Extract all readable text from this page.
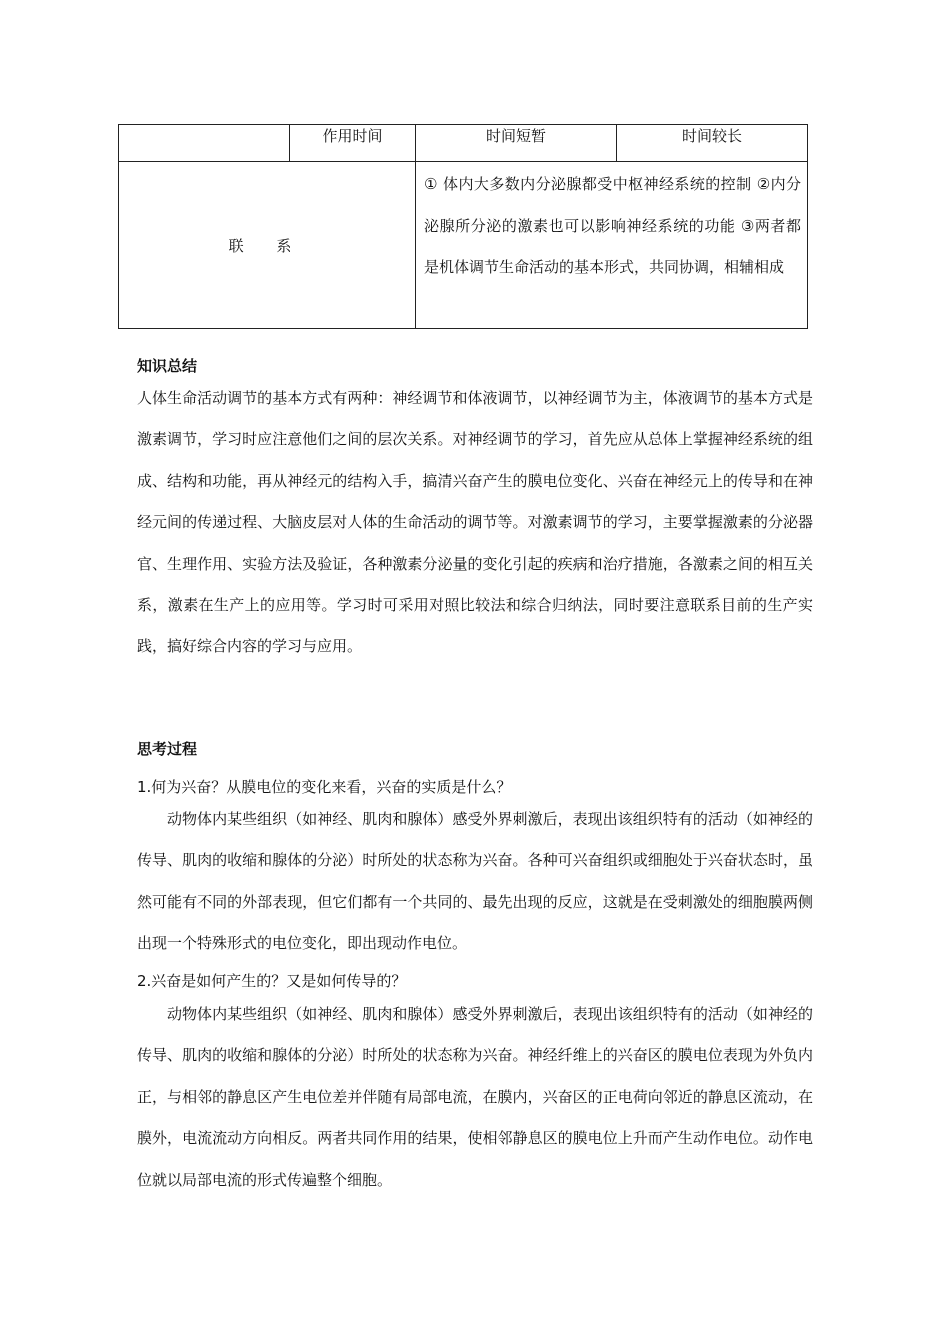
	作用时间	时间短暂	时间较长
联 系		① 体内大多数内分泌腺都受中枢神经系统的控制 ②内分泌腺所分泌的激素也可以影响神经系统的功能 ③两者都是机体调节生命活动的基本形式，共同协调，相辅相成	

知识总结

人体生命活动调节的基本方式有两种：神经调节和体液调节，以神经调节为主，体液调节的基本方式是激素调节，学习时应注意他们之间的层次关系。对神经调节的学习，首先应从总体上掌握神经系统的组成、结构和功能，再从神经元的结构入手，搞清兴奋产生的膜电位变化、兴奋在神经元上的传导和在神经元间的传递过程、大脑皮层对人体的生命活动的调节等。对激素调节的学习，主要掌握激素的分泌器官、生理作用、实验方法及验证，各种激素分泌量的变化引起的疾病和治疗措施，各激素之间的相互关系，激素在生产上的应用等。学习时可采用对照比较法和综合归纳法，同时要注意联系目前的生产实践，搞好综合内容的学习与应用。

思考过程

1.何为兴奋？从膜电位的变化来看，兴奋的实质是什么？

动物体内某些组织（如神经、肌肉和腺体）感受外界刺激后，表现出该组织特有的活动（如神经的传导、肌肉的收缩和腺体的分泌）时所处的状态称为兴奋。各种可兴奋组织或细胞处于兴奋状态时，虽然可能有不同的外部表现，但它们都有一个共同的、最先出现的反应，这就是在受刺激处的细胞膜两侧出现一个特殊形式的电位变化，即出现动作电位。

2.兴奋是如何产生的？又是如何传导的？

动物体内某些组织（如神经、肌肉和腺体）感受外界刺激后，表现出该组织特有的活动（如神经的传导、肌肉的收缩和腺体的分泌）时所处的状态称为兴奋。神经纤维上的兴奋区的膜电位表现为外负内正，与相邻的静息区产生电位差并伴随有局部电流，在膜内，兴奋区的正电荷向邻近的静息区流动，在膜外，电流流动方向相反。两者共同作用的结果，使相邻静息区的膜电位上升而产生动作电位。动作电位就以局部电流的形式传遍整个细胞。
